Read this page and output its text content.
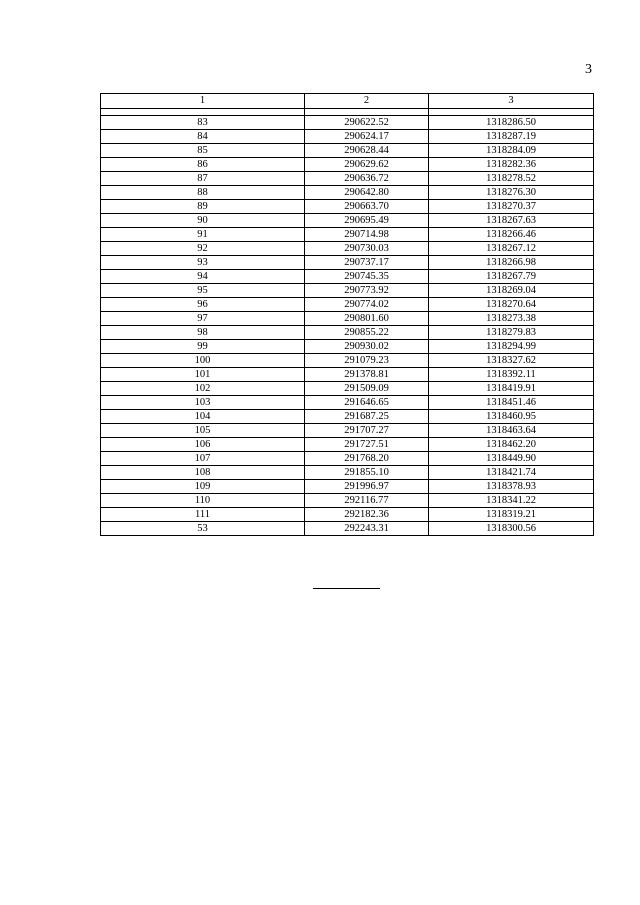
3
1	2	3

83	290622.52	1318286.50
84	290624.17	1318287.19
85	290628.44	1318284.09
86	290629.62	1318282.36
87	290636.72	1318278.52
88	290642.80	1318276.30
89	290663.70	1318270.37
90	290695.49	1318267.63
91	290714.98	1318266.46
92	290730.03	1318267.12
93	290737.17	1318266.98
94	290745.35	1318267.79
95	290773.92	1318269.04
96	290774.02	1318270.64
97	290801.60	1318273.38
98	290855.22	1318279.83
99	290930.02	1318294.99
100	291079.23	1318327.62
101	291378.81	1318392.11
102	291509.09	1318419.91
103	291646.65	1318451.46
104	291687.25	1318460.95
105	291707.27	1318463.64
106	291727.51	1318462.20
107	291768.20	1318449.90
108	291855.10	1318421.74
109	291996.97	1318378.93
110	292116.77	1318341.22
111	292182.36	1318319.21
53	292243.31	1318300.56
